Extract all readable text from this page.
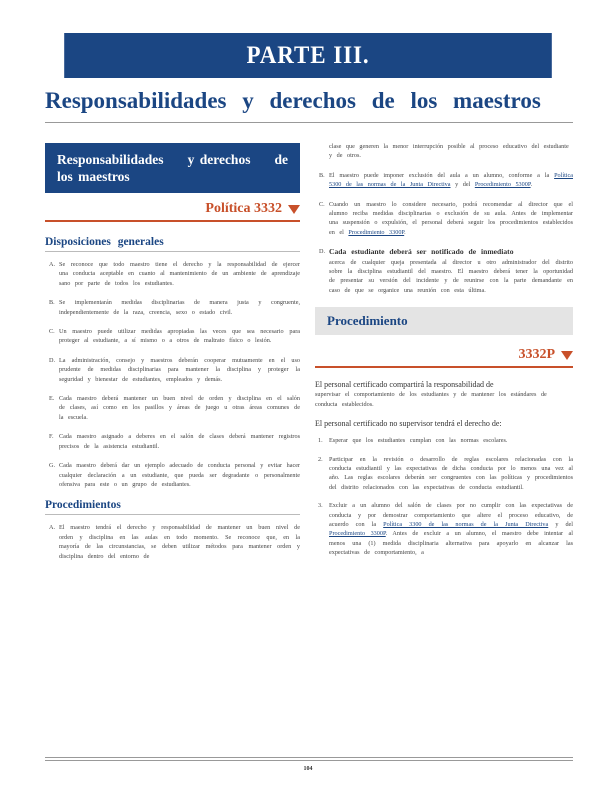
PARTE III.
Responsabilidades y derechos de los maestros
Responsabilidades y derechos de
los maestros
Política 3332
Disposiciones generales
A. Se reconoce que todo maestro tiene el derecho y la responsabilidad de ejercer una conducta aceptable en cuanto al mantenimiento de un ambiente de aprendizaje sano por parte de todos los estudiantes.
B. Se implementarán medidas disciplinarias de manera justa y congruente, independientemente de la raza, creencia, sexo o estado civil.
C. Un maestro puede utilizar medidas apropiadas las veces que sea necesario para proteger al estudiante, a sí mismo o a otros de maltrato físico o lesión.
D. La administración, consejo y maestros deberán cooperar mutuamente en el uso prudente de medidas disciplinarias para mantener la disciplina y proteger la seguridad y bienestar de estudiantes, empleados y demás.
E. Cada maestro deberá mantener un buen nivel de orden y disciplina en el salón de clases, así como en los pasillos y áreas de juego u otras áreas comunes de la escuela.
F. Cada maestro asignado a deberes en el salón de clases deberá mantener registros precisos de la asistencia estudiantil.
G. Cada maestro deberá dar un ejemplo adecuado de conducta personal y evitar hacer cualquier declaración a un estudiante, que pueda ser degradante o personalmente ofensiva para este o un grupo de estudiantes.
Procedimientos
A. El maestro tendrá el derecho y responsabilidad de mantener un buen nivel de orden y disciplina en las aulas en todo momento. Se reconoce que, en la mayoría de las circunstancias, se deben utilizar métodos para mantener orden y disciplina dentro del entorno de
clase que generen la menor interrupción posible al proceso educativo del estudiante y de otros.
B. El maestro puede imponer exclusión del aula a un alumno, conforme a la Política 5300 de las normas de la Junta Directiva y del Procedimiento 5300P.
C. Cuando un maestro lo considere necesario, podrá recomendar al director que el alumno reciba medidas disciplinarias o exclusión de su aula. Antes de implementar una suspensión o expulsión, el personal deberá seguir los procedimientos establecidos en el Procedimiento 3300P.
D. Cada estudiante deberá ser notificado de inmediato
acerca de cualquier queja presentada al director u otro administrador del distrito sobre la disciplina estudiantil del maestro. El maestro deberá tener la oportunidad de presentar su versión del incidente y de reunirse con la parte demandante en caso de que se organice una reunión con esta última.
Procedimiento
3332P
El personal certificado compartirá la responsabilidad de
supervisar el comportamiento de los estudiantes y de mantener los estándares de conducta establecidos.
El personal certificado no supervisor tendrá el derecho de:
1.	Esperar que los estudiantes cumplan con las normas escolares.
2.	Participar en la revisión o desarrollo de reglas escolares relacionadas con la conducta estudiantil y las expectativas de dicha conducta por lo menos una vez al año. Las reglas escolares deberán ser congruentes con las políticas y procedimientos del distrito relacionados con las expectativas de conducta estudiantil.
3.	Excluir a un alumno del salón de clases por no cumplir con las expectativas de conducta y por demostrar comportamiento que altere el proceso educativo, de acuerdo con la Política 3300 de las normas de la Junta Directiva y del Procedimiento 3300P. Antes de excluir a un alumno, el maestro debe intentar al menos una (1) medida disciplinaria alternativa para apoyarlo en alcanzar las expectativas de comportamiento, a
104
